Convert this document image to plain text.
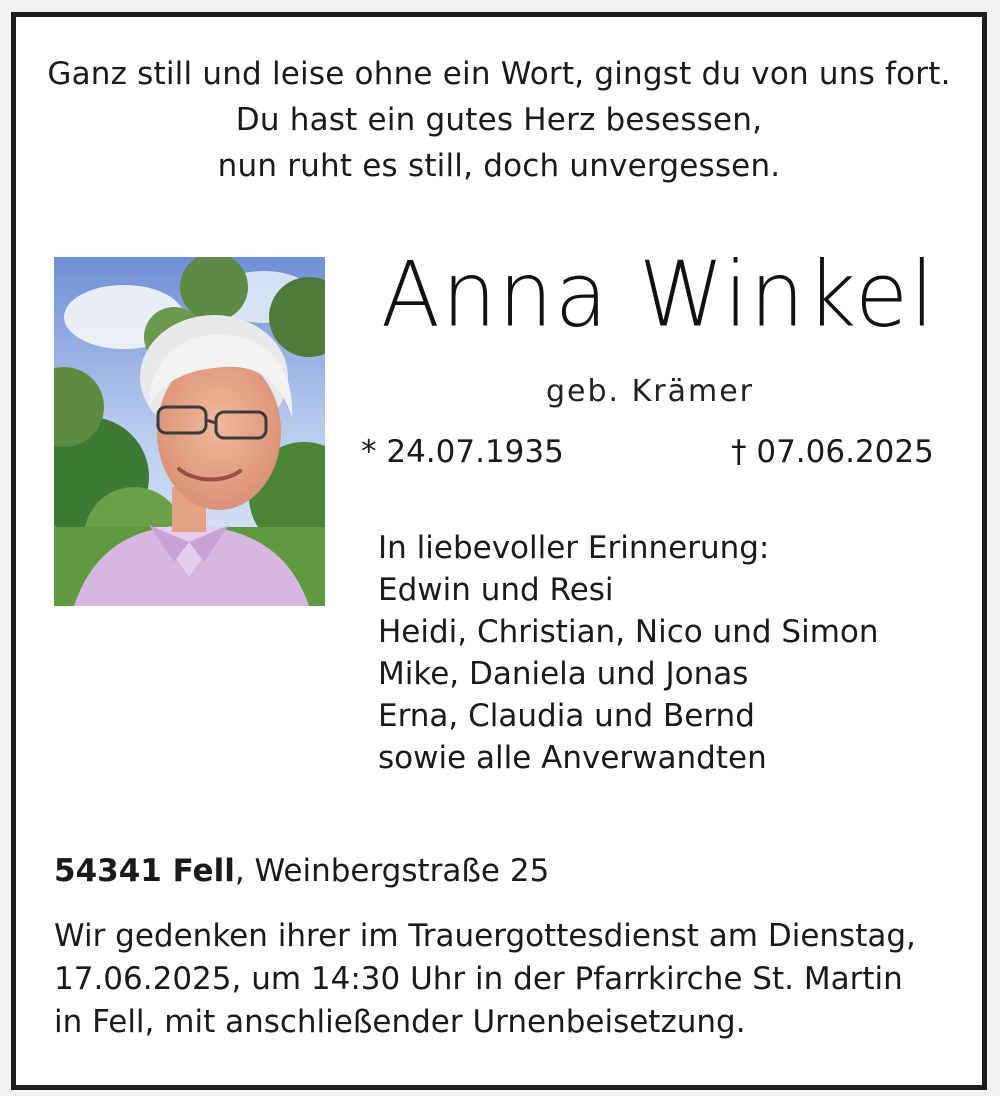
Ganz still und leise ohne ein Wort, gingst du von uns fort.
Du hast ein gutes Herz besessen,
nun ruht es still, doch unvergessen.
Anna Winkel
geb. Krämer
* 24.07.1935	† 07.06.2025
In liebevoller Erinnerung:
Edwin und Resi
Heidi, Christian, Nico und Simon
Mike, Daniela und Jonas
Erna, Claudia und Bernd
sowie alle Anverwandten
54341 Fell, Weinbergstraße 25
Wir gedenken ihrer im Trauergottesdienst am Dienstag,
17.06.2025, um 14:30 Uhr in der Pfarrkirche St. Martin
in Fell, mit anschließender Urnenbeisetzung.
